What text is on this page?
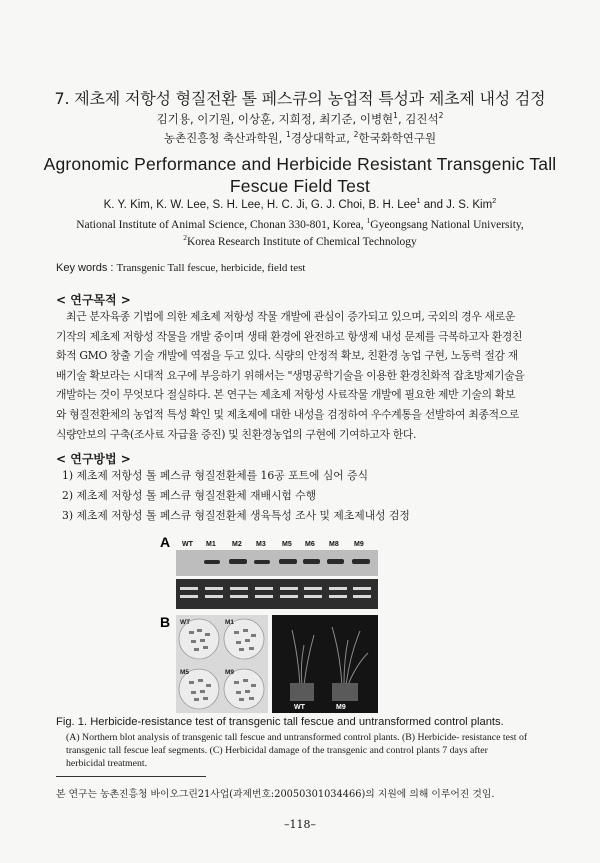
7. 제초제 저항성 형질전환 톨 페스큐의 농업적 특성과 제초제 내성 검정
김기용, 이기원, 이상훈, 지희정, 최기준, 이병현$^1$, 김진석$^2$
농촌진흥청 축산과학원, $^1$경상대학교, $^2$한국화학연구원
Agronomic Performance and Herbicide Resistant Transgenic Tall
Fescue Field Test
K. Y. Kim, K. W. Lee, S. H. Lee, H. C. Ji, G. J. Choi, B. H. Lee$^1$ and J. S. Kim$^2$
National Institute of Animal Science, Chonan 330-801, Korea, $^1$Gyeongsang National University,
$^2$Korea Research Institute of Chemical Technology
Key words : Transgenic Tall fescue, herbicide, field test
< 연구목적 >
최근 분자육종 기법에 의한 제초제 저항성 작물 개발에 관심이 증가되고 있으며, 국외의 경우 새로운
기작의 제초제 저항성 작물을 개발 중이며 생태 환경에 완전하고 항생제 내성 문제를 극복하고자 환경친
화적 GMO 창출 기술 개발에 역점을 두고 있다. 식량의 안정적 확보, 친환경 농업 구현, 노동력 절감 재
배기술 확보라는 시대적 요구에 부응하기 위해서는 "생명공학기술을 이용한 환경친화적 잡초방제기술을
개발하는 것이 무엇보다 절실하다. 본 연구는 제초제 저항성 사료작물 개발에 필요한 제반 기술의 확보
와 형질전환체의 농업적 특성 확인 및 제초제에 대한 내성을 검정하여 우수계통을 선발하여 최종적으로
식량안보의 구축(조사료 자급율 증진) 및 친환경농업의 구현에 기여하고자 한다.
< 연구방법 >
1) 제초제 저항성 톨 페스큐 형질전환체를 16공 포트에 심어 증식
2) 제초제 저항성 톨 페스큐 형질전환체 재배시험 수행
3) 제초제 저항성 톨 페스큐 형질전환체 생육특성 조사 및 제초제내성 검정
A WT M1 M2 M3 M5 M6 M8 M9
B WT	M1
M5	M9
WT	M9
Fig. 1. Herbicide-resistance test of transgenic tall fescue and untransformed control plants.
(A) Northern blot analysis of transgenic tall fescue and untransformed control plants. (B) Herbicide- resistance test of
transgenic tall fescue leaf segments. (C) Herbicidal damage of the transgenic and control plants 7 days after
herbicidal treatment.
본 연구는 농촌진흥청 바이오그린21사업(과제번호:20050301034466)의 지원에 의해 이루어진 것임.
–118–
